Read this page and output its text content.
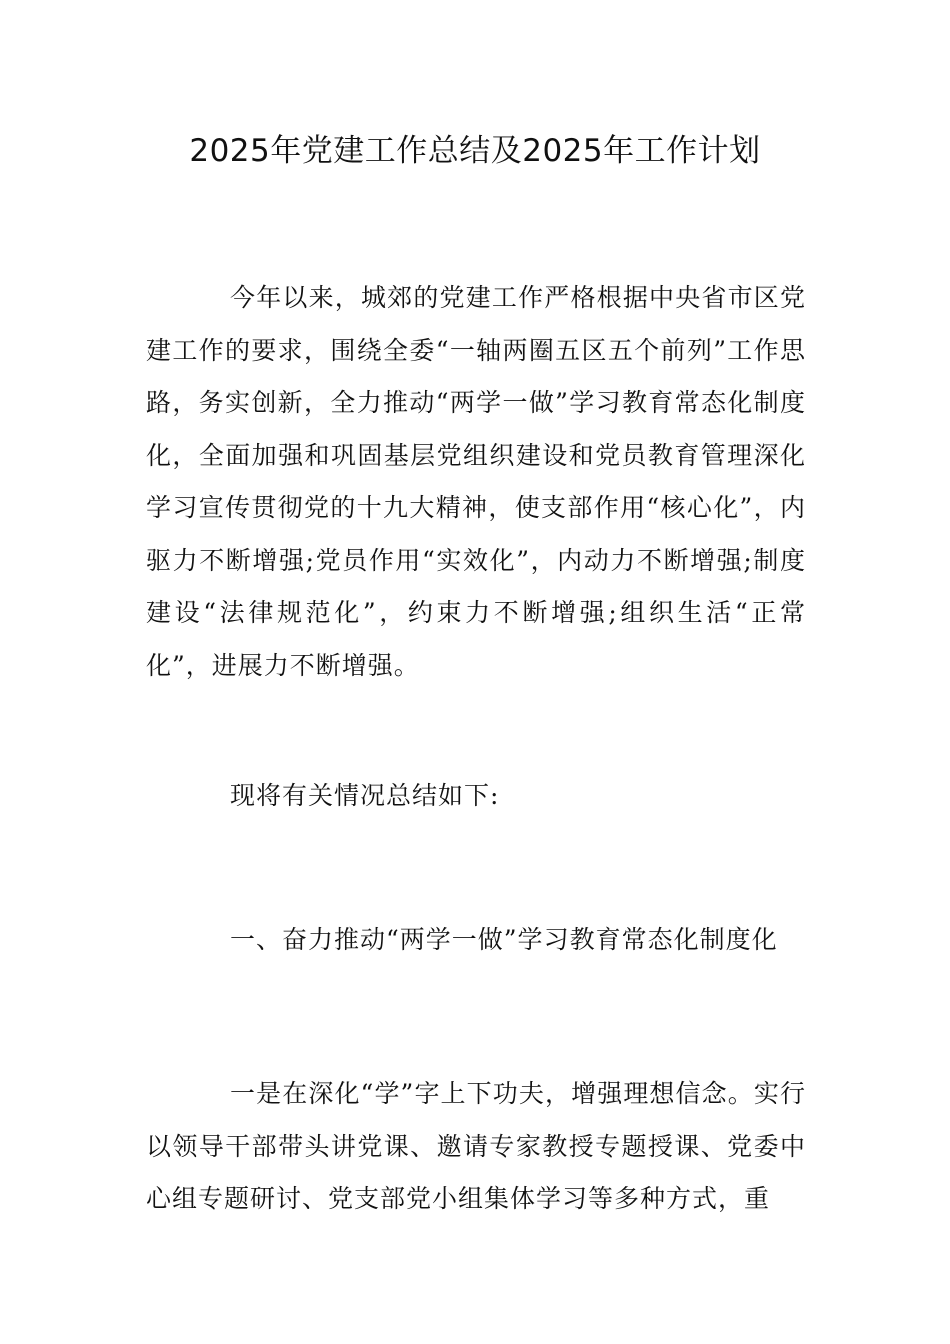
2025年党建工作总结及2025年工作计划

今年以来，城郊的党建工作严格根据中央省市区党建工作的要求，围绕全委“一轴两圈五区五个前列”工作思路，务实创新，全力推动“两学一做”学习教育常态化制度化，全面加强和巩固基层党组织建设和党员教育管理深化学习宣传贯彻党的十九大精神，使支部作用“核心化”，内驱力不断增强;党员作用“实效化”，内动力不断增强;制度建设“法律规范化”，约束力不断增强;组织生活“正常化”，进展力不断增强。

现将有关情况总结如下:

一、奋力推动“两学一做”学习教育常态化制度化

一是在深化“学”字上下功夫，增强理想信念。实行以领导干部带头讲党课、邀请专家教授专题授课、党委中心组专题研讨、党支部党小组集体学习等多种方式，重
